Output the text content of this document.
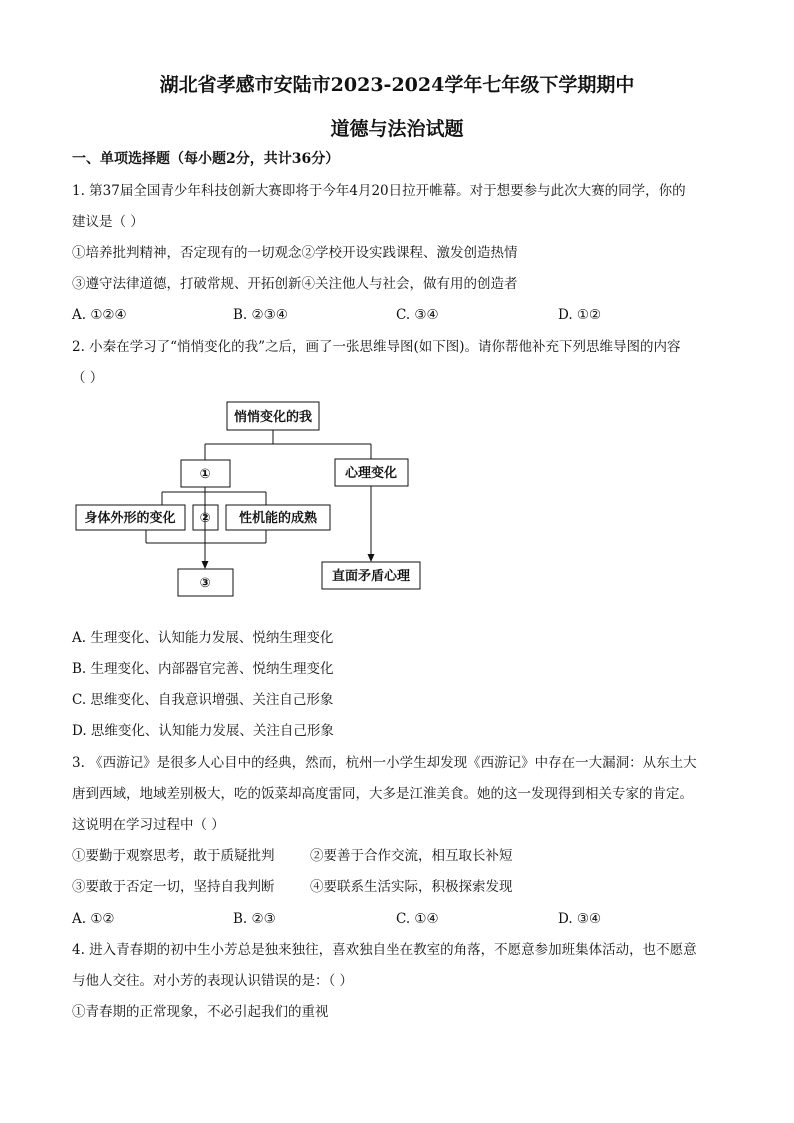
湖北省孝感市安陆市2023-2024学年七年级下学期期中
道德与法治试题
一、单项选择题（每小题2分，共计36分）
1. 第37届全国青少年科技创新大赛即将于今年4月20日拉开帷幕。对于想要参与此次大赛的同学，你的
建议是（ ）
①培养批判精神，否定现有的一切观念②学校开设实践课程、激发创造热情
③遵守法律道德，打破常规、开拓创新④关注他人与社会，做有用的创造者
A. ①②④	B. ②③④	C. ③④	D. ①②
2. 小秦在学习了“悄悄变化的我”之后，画了一张思维导图(如下图)。请你帮他补充下列思维导图的内容
（ ）
悄悄变化的我
①	心理变化
身体外形的变化 ② 性机能的成熟
③	直面矛盾心理
A. 生理变化、认知能力发展、悦纳生理变化
B. 生理变化、内部器官完善、悦纳生理变化
C. 思维变化、自我意识增强、关注自己形象
D. 思维变化、认知能力发展、关注自己形象
3. 《西游记》是很多人心目中的经典，然而，杭州一小学生却发现《西游记》中存在一大漏洞：从东土大
唐到西域，地域差别极大，吃的饭菜却高度雷同，大多是江淮美食。她的这一发现得到相关专家的肯定。
这说明在学习过程中（ ）
①要勤于观察思考，敢于质疑批判	②要善于合作交流，相互取长补短
③要敢于否定一切，坚持自我判断	④要联系生活实际，积极探索发现
A. ①②	B. ②③	C. ①④	D. ③④
4. 进入青春期的初中生小芳总是独来独往，喜欢独自坐在教室的角落，不愿意参加班集体活动，也不愿意
与他人交往。对小芳的表现认识错误的是：（ ）
①青春期的正常现象，不必引起我们的重视
